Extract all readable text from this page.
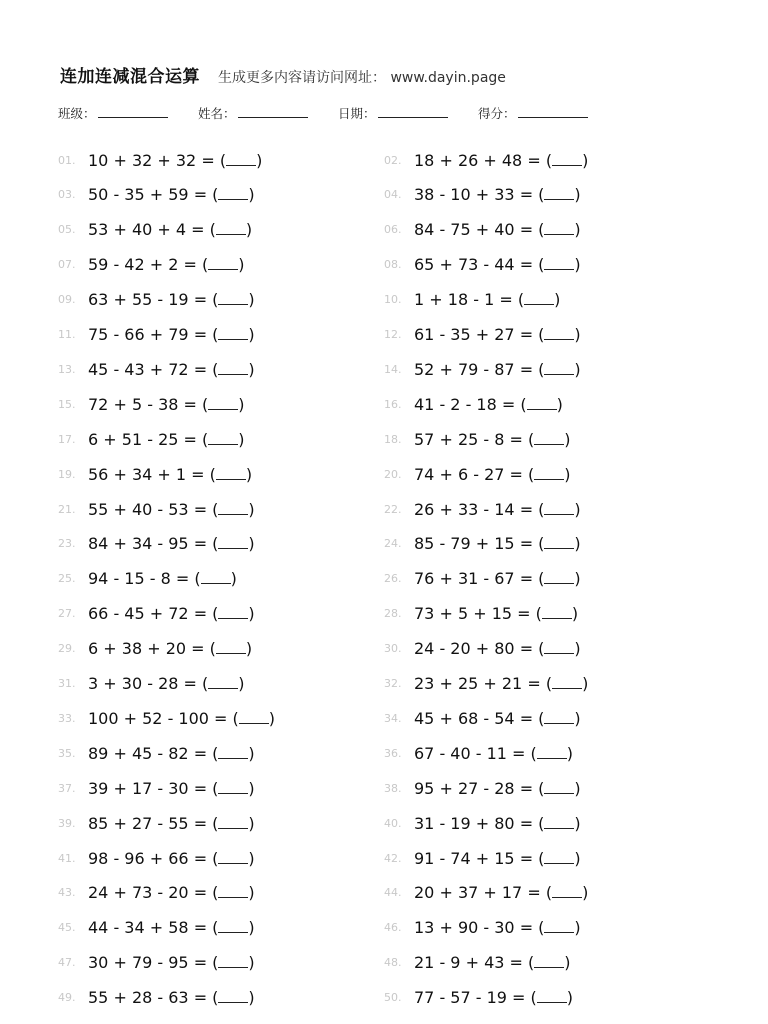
连加连减混合运算 生成更多内容请访问网址： www.dayin.page
班级：	姓名：	日期：	得分：
01. 10 + 32 + 32 = ( )	02. 18 + 26 + 48 = ( )
03. 50 - 35 + 59 = ( )	04. 38 - 10 + 33 = ( )
05. 53 + 40 + 4 = ( )	06. 84 - 75 + 40 = ( )
07. 59 - 42 + 2 = ( )	08. 65 + 73 - 44 = ( )
09. 63 + 55 - 19 = ( )	10. 1 + 18 - 1 = ( )
11. 75 - 66 + 79 = ( )	12. 61 - 35 + 27 = ( )
13. 45 - 43 + 72 = ( )	14. 52 + 79 - 87 = ( )
15. 72 + 5 - 38 = ( )	16. 41 - 2 - 18 = ( )
17. 6 + 51 - 25 = ( )	18. 57 + 25 - 8 = ( )
19. 56 + 34 + 1 = ( )	20. 74 + 6 - 27 = ( )
21. 55 + 40 - 53 = ( )	22. 26 + 33 - 14 = ( )
23. 84 + 34 - 95 = ( )	24. 85 - 79 + 15 = ( )
25. 94 - 15 - 8 = ( )	26. 76 + 31 - 67 = ( )
27. 66 - 45 + 72 = ( )	28. 73 + 5 + 15 = ( )
29. 6 + 38 + 20 = ( )	30. 24 - 20 + 80 = ( )
31. 3 + 30 - 28 = ( )	32. 23 + 25 + 21 = ( )
33. 100 + 52 - 100 = ( )	34. 45 + 68 - 54 = ( )
35. 89 + 45 - 82 = ( )	36. 67 - 40 - 11 = ( )
37. 39 + 17 - 30 = ( )	38. 95 + 27 - 28 = ( )
39. 85 + 27 - 55 = ( )	40. 31 - 19 + 80 = ( )
41. 98 - 96 + 66 = ( )	42. 91 - 74 + 15 = ( )
43. 24 + 73 - 20 = ( )	44. 20 + 37 + 17 = ( )
45. 44 - 34 + 58 = ( )	46. 13 + 90 - 30 = ( )
47. 30 + 79 - 95 = ( )	48. 21 - 9 + 43 = ( )
49. 55 + 28 - 63 = ( )	50. 77 - 57 - 19 = ( )
